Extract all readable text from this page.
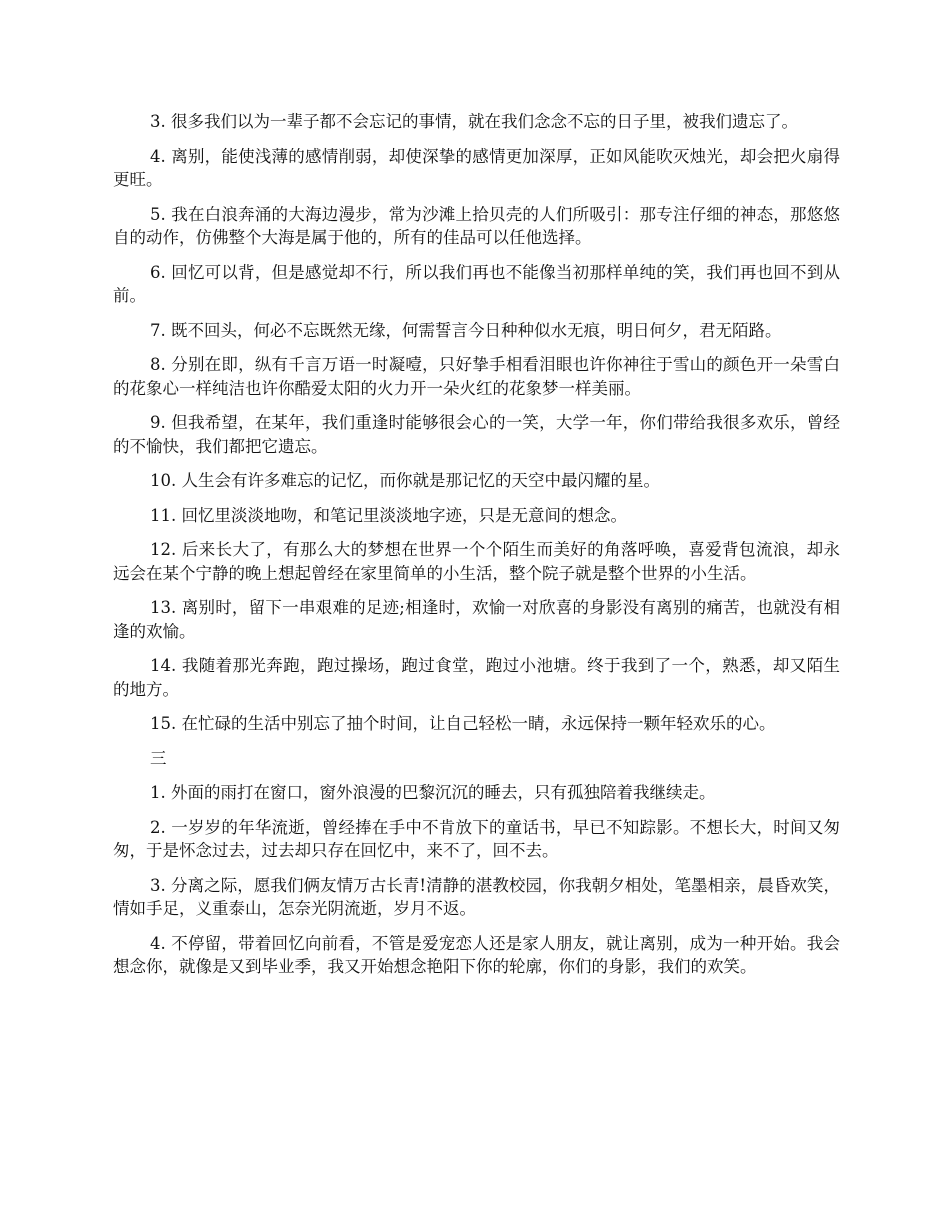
3. 很多我们以为一辈子都不会忘记的事情，就在我们念念不忘的日子里，被我们遗忘了。

4. 离别，能使浅薄的感情削弱，却使深挚的感情更加深厚，正如风能吹灭烛光，却会把火扇得更旺。

5. 我在白浪奔涌的大海边漫步，常为沙滩上拾贝壳的人们所吸引：那专注仔细的神态，那悠悠自的动作，仿佛整个大海是属于他的，所有的佳品可以任他选择。

6. 回忆可以背，但是感觉却不行，所以我们再也不能像当初那样单纯的笑，我们再也回不到从前。

7. 既不回头，何必不忘既然无缘，何需誓言今日种种似水无痕，明日何夕，君无陌路。

8. 分别在即，纵有千言万语一时凝噎，只好挚手相看泪眼也许你神往于雪山的颜色开一朵雪白的花象心一样纯洁也许你酷爱太阳的火力开一朵火红的花象梦一样美丽。

9. 但我希望，在某年，我们重逢时能够很会心的一笑，大学一年，你们带给我很多欢乐，曾经的不愉快，我们都把它遗忘。

10. 人生会有许多难忘的记忆，而你就是那记忆的天空中最闪耀的星。

11. 回忆里淡淡地吻，和笔记里淡淡地字迹，只是无意间的想念。

12. 后来长大了，有那么大的梦想在世界一个个陌生而美好的角落呼唤，喜爱背包流浪，却永远会在某个宁静的晚上想起曾经在家里简单的小生活，整个院子就是整个世界的小生活。

13. 离别时，留下一串艰难的足迹;相逢时，欢愉一对欣喜的身影没有离别的痛苦，也就没有相逢的欢愉。

14. 我随着那光奔跑，跑过操场，跑过食堂，跑过小池塘。终于我到了一个，熟悉，却又陌生的地方。

15. 在忙碌的生活中别忘了抽个时间，让自己轻松一睛，永远保持一颗年轻欢乐的心。

三

1. 外面的雨打在窗口，窗外浪漫的巴黎沉沉的睡去，只有孤独陪着我继续走。

2. 一岁岁的年华流逝，曾经捧在手中不肯放下的童话书，早已不知踪影。不想长大，时间又匆匆，于是怀念过去，过去却只存在回忆中，来不了，回不去。

3. 分离之际，愿我们俩友情万古长青!清静的湛教校园，你我朝夕相处，笔墨相亲，晨昏欢笑，情如手足，义重泰山，怎奈光阴流逝，岁月不返。

4. 不停留，带着回忆向前看，不管是爱宠恋人还是家人朋友，就让离别，成为一种开始。我会想念你，就像是又到毕业季，我又开始想念艳阳下你的轮廓，你们的身影，我们的欢笑。
